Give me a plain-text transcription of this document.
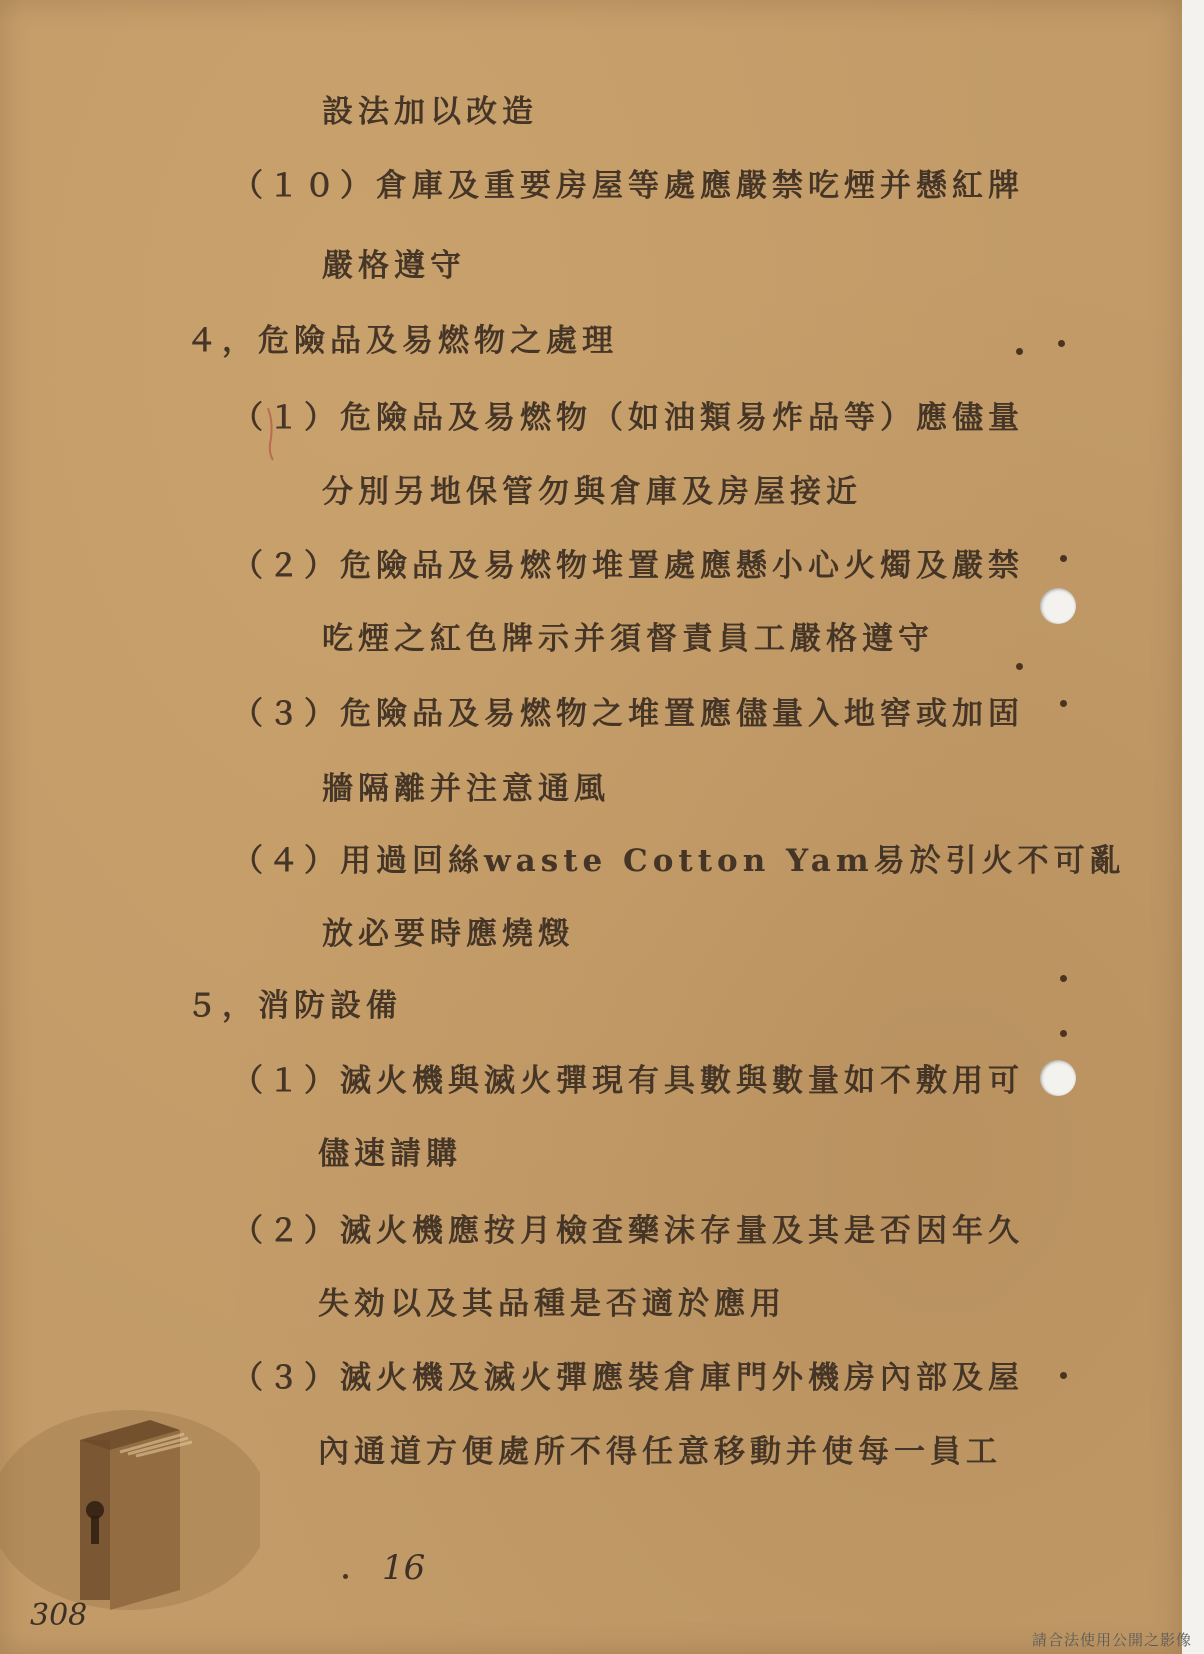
設法加以改造
（１０）倉庫及重要房屋等處應嚴禁吃煙并懸紅牌
嚴格遵守
４，危險品及易燃物之處理
（１）危險品及易燃物（如油類易炸品等）應儘量
分別另地保管勿與倉庫及房屋接近
（２）危險品及易燃物堆置處應懸小心火燭及嚴禁
吃煙之紅色牌示并須督責員工嚴格遵守
（３）危險品及易燃物之堆置應儘量入地窖或加固
牆隔離并注意通風
（４）用過回絲waste Cotton Yam易於引火不可亂
放必要時應燒燬
５，消防設備
（１）滅火機與滅火彈現有具數與數量如不敷用可
儘速請購
（２）滅火機應按月檢查藥沫存量及其是否因年久
失効以及其品種是否適於應用
（３）滅火機及滅火彈應裝倉庫門外機房內部及屋
內通道方便處所不得任意移動并使每一員工
16
308
請合法使用公開之影像
